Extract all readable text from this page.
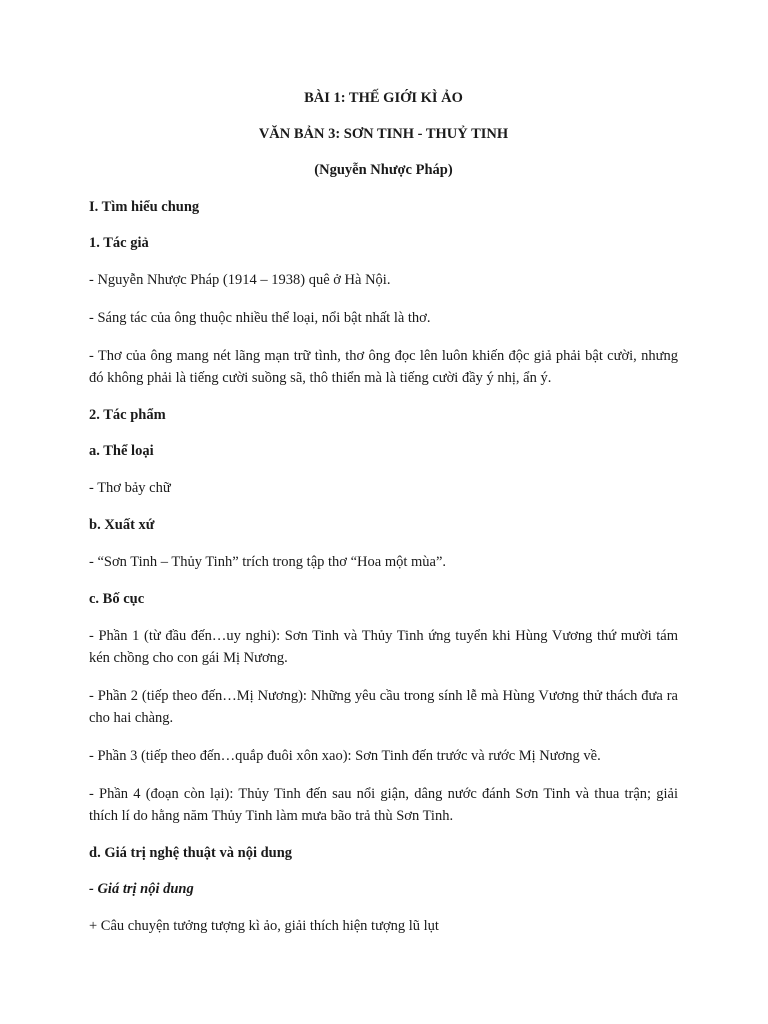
BÀI 1: THẾ GIỚI KÌ ẢO

VĂN BẢN 3: SƠN TINH - THUỶ TINH

(Nguyễn Nhược Pháp)

I. Tìm hiểu chung

1. Tác giả

- Nguyễn Nhược Pháp (1914 – 1938) quê ở Hà Nội.

- Sáng tác của ông thuộc nhiều thể loại, nổi bật nhất là thơ.

- Thơ của ông mang nét lãng mạn trữ tình, thơ ông đọc lên luôn khiến độc giả phải bật cười, nhưng đó không phải là tiếng cười suồng sã, thô thiển mà là tiếng cười đầy ý nhị, ẩn ý.

2. Tác phẩm

a. Thể loại

- Thơ bảy chữ

b. Xuất xứ

- “Sơn Tinh – Thủy Tinh” trích trong tập thơ “Hoa một mùa”.

c. Bố cục

- Phần 1 (từ đầu đến…uy nghi): Sơn Tinh và Thủy Tinh ứng tuyển khi Hùng Vương thứ mười tám kén chồng cho con gái Mị Nương.

- Phần 2 (tiếp theo đến…Mị Nương): Những yêu cầu trong sính lễ mà Hùng Vương thử thách đưa ra cho hai chàng.

- Phần 3 (tiếp theo đến…quắp đuôi xôn xao): Sơn Tinh đến trước và rước Mị Nương về.

- Phần 4 (đoạn còn lại): Thủy Tinh đến sau nổi giận, dâng nước đánh Sơn Tinh và thua trận; giải thích lí do hằng năm Thủy Tinh làm mưa bão trả thù Sơn Tinh.

d. Giá trị nghệ thuật và nội dung

- Giá trị nội dung

+ Câu chuyện tưởng tượng kì ảo, giải thích hiện tượng lũ lụt
